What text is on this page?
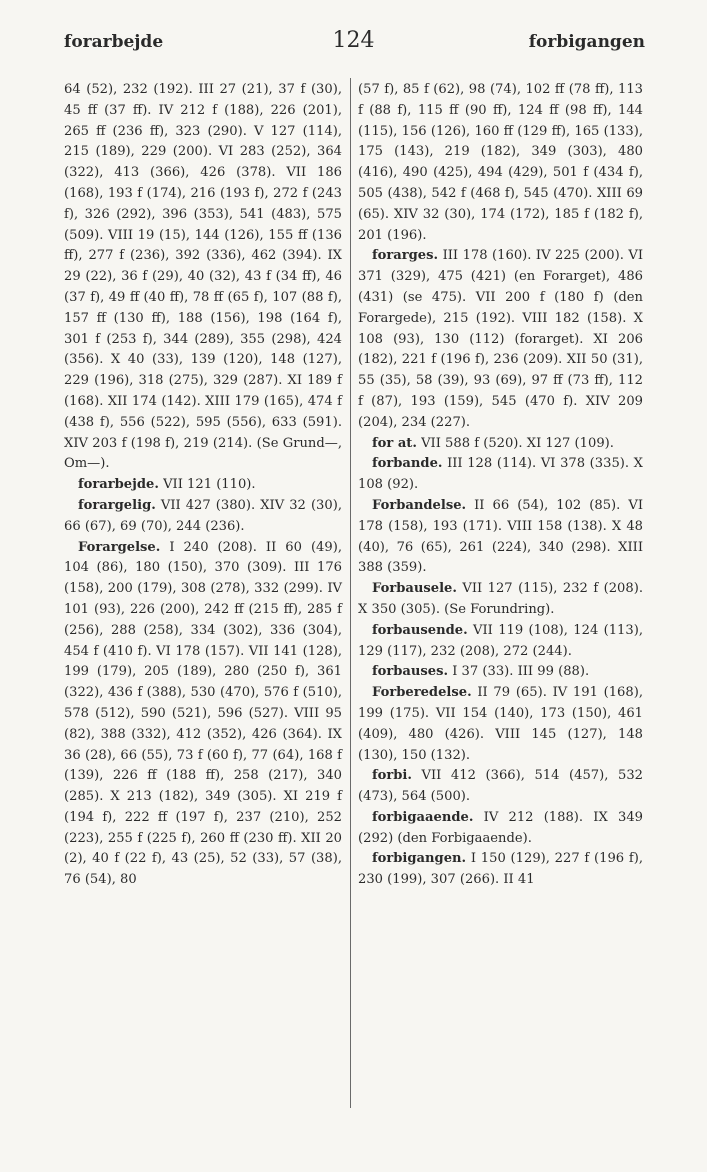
forarbejde	124	forbigangen

64 (52), 232 (192). III 27 (21), 37 f (30), 45 ff (37 ff). IV 212 f (188), 226 (201), 265 ff (236 ff), 323 (290). V 127 (114), 215 (189), 229 (200). VI 283 (252), 364 (322), 413 (366), 426 (378). VII 186 (168), 193 f (174), 216 (193 f), 272 f (243 f), 326 (292), 396 (353), 541 (483), 575 (509). VIII 19 (15), 144 (126), 155 ff (136 ff), 277 f (236), 392 (336), 462 (394). IX 29 (22), 36 f (29), 40 (32), 43 f (34 ff), 46 (37 f), 49 ff (40 ff), 78 ff (65 f), 107 (88 f), 157 ff (130 ff), 188 (156), 198 (164 f), 301 f (253 f), 344 (289), 355 (298), 424 (356). X 40 (33), 139 (120), 148 (127), 229 (196), 318 (275), 329 (287). XI 189 f (168). XII 174 (142). XIII 179 (165), 474 f (438 f), 556 (522), 595 (556), 633 (591). XIV 203 f (198 f), 219 (214). (Se Grund—, Om—).

forarbejde. VII 121 (110).

forargelig. VII 427 (380). XIV 32 (30), 66 (67), 69 (70), 244 (236).

Forargelse. I 240 (208). II 60 (49), 104 (86), 180 (150), 370 (309). III 176 (158), 200 (179), 308 (278), 332 (299). IV 101 (93), 226 (200), 242 ff (215 ff), 285 f (256), 288 (258), 334 (302), 336 (304), 454 f (410 f). VI 178 (157). VII 141 (128), 199 (179), 205 (189), 280 (250 f), 361 (322), 436 f (388), 530 (470), 576 f (510), 578 (512), 590 (521), 596 (527). VIII 95 (82), 388 (332), 412 (352), 426 (364). IX 36 (28), 66 (55), 73 f (60 f), 77 (64), 168 f (139), 226 ff (188 ff), 258 (217), 340 (285). X 213 (182), 349 (305). XI 219 f (194 f), 222 ff (197 f), 237 (210), 252 (223), 255 f (225 f), 260 ff (230 ff). XII 20 (2), 40 f (22 f), 43 (25), 52 (33), 57 (38), 76 (54), 80

(57 f), 85 f (62), 98 (74), 102 ff (78 ff), 113 f (88 f), 115 ff (90 ff), 124 ff (98 ff), 144 (115), 156 (126), 160 ff (129 ff), 165 (133), 175 (143), 219 (182), 349 (303), 480 (416), 490 (425), 494 (429), 501 f (434 f), 505 (438), 542 f (468 f), 545 (470). XIII 69 (65). XIV 32 (30), 174 (172), 185 f (182 f), 201 (196).

forarges. III 178 (160). IV 225 (200). VI 371 (329), 475 (421) (en Forarget), 486 (431) (se 475). VII 200 f (180 f) (den Forargede), 215 (192). VIII 182 (158). X 108 (93), 130 (112) (forarget). XI 206 (182), 221 f (196 f), 236 (209). XII 50 (31), 55 (35), 58 (39), 93 (69), 97 ff (73 ff), 112 f (87), 193 (159), 545 (470 f). XIV 209 (204), 234 (227).

for at. VII 588 f (520). XI 127 (109).

forbande. III 128 (114). VI 378 (335). X 108 (92).

Forbandelse. II 66 (54), 102 (85). VI 178 (158), 193 (171). VIII 158 (138). X 48 (40), 76 (65), 261 (224), 340 (298). XIII 388 (359).

Forbausele. VII 127 (115), 232 f (208). X 350 (305). (Se Forundring).

forbausende. VII 119 (108), 124 (113), 129 (117), 232 (208), 272 (244).

forbauses. I 37 (33). III 99 (88).

Forberedelse. II 79 (65). IV 191 (168), 199 (175). VII 154 (140), 173 (150), 461 (409), 480 (426). VIII 145 (127), 148 (130), 150 (132).

forbi. VII 412 (366), 514 (457), 532 (473), 564 (500).

forbigaaende. IV 212 (188). IX 349 (292) (den Forbigaaende).

forbigangen. I 150 (129), 227 f (196 f), 230 (199), 307 (266). II 41
